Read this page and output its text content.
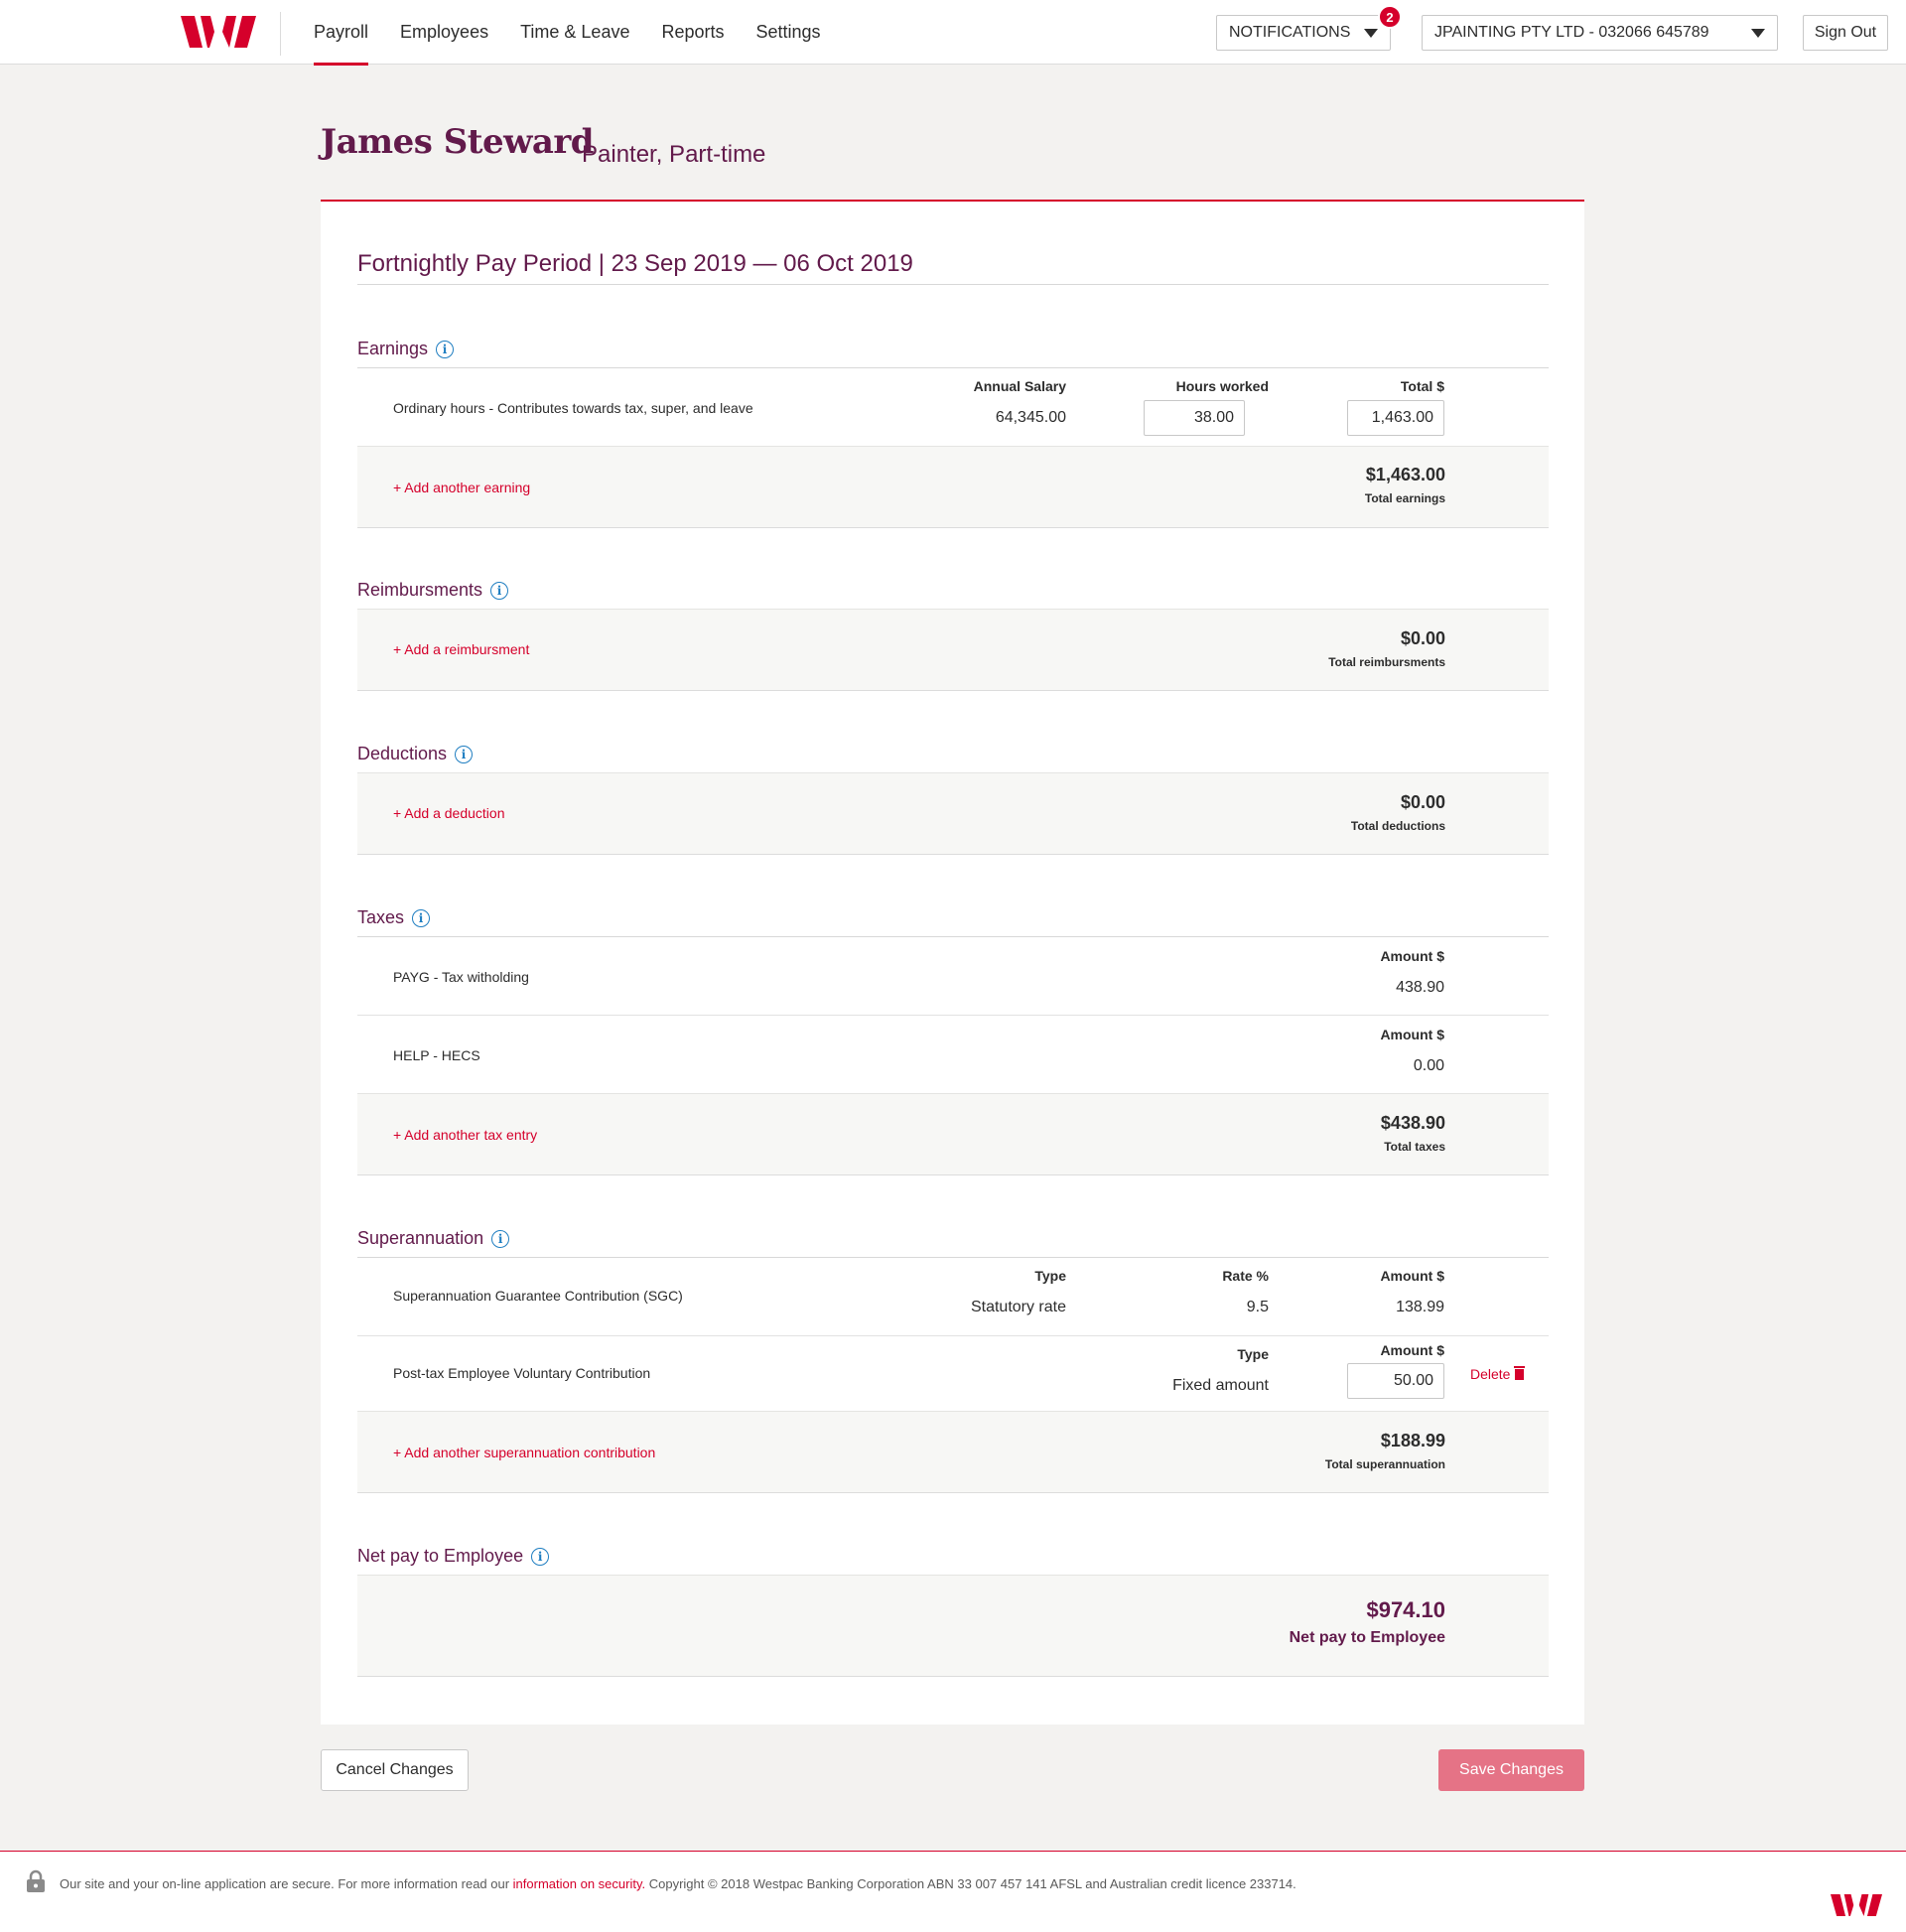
Payroll	Employees	Time & Leave	Reports	Settings	NOTIFICATIONS
2
JPAINTING PTY LTD - 032066 645789	Sign Out
James Steward
Painter, Part-time
Fortnightly Pay Period | 23 Sep 2019 — 06 Oct 2019
Earnings	i
Ordinary hours - Contributes towards tax, super, and leave
Annual Salary	Hours worked	Total $
64,345.00	38.00	1,463.00
+ Add another earning
$1,463.00
Total earnings
Reimbursments	i
+ Add a reimbursment
$0.00
Total reimbursments
Deductions	i
+ Add a deduction
$0.00
Total deductions
Taxes	i
PAYG - Tax witholding
Amount $
438.90
HELP - HECS
Amount $
0.00
+ Add another tax entry
$438.90
Total taxes
Superannuation	i
Superannuation Guarantee Contribution (SGC)
Type	Rate %	Amount $
Statutory rate	9.5	138.99
Post-tax Employee Voluntary Contribution
Type	Amount $
Fixed amount	50.00	Delete
+ Add another superannuation contribution
$188.99
Total superannuation
Net pay to Employee	i
$974.10
Net pay to Employee
Cancel Changes	Save Changes
Our site and your on-line application are secure. For more information read our information on security. Copyright © 2018 Westpac Banking Corporation ABN 33 007 457 141 AFSL and Australian credit licence 233714.
